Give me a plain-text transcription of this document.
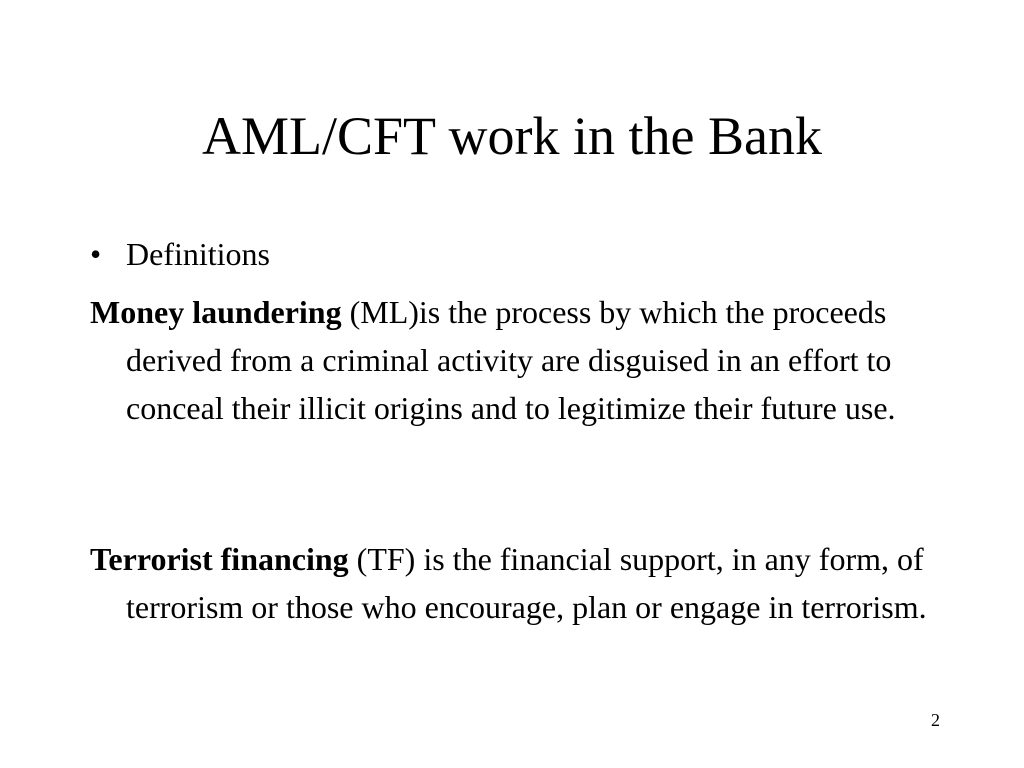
AML/CFT work in the Bank

• Definitions

Money laundering (ML)is the process by which the proceeds derived from a criminal activity are disguised in an effort to conceal their illicit origins and to legitimize their future use.

Terrorist financing (TF) is the financial support, in any form, of terrorism or those who encourage, plan or engage in terrorism.

2
